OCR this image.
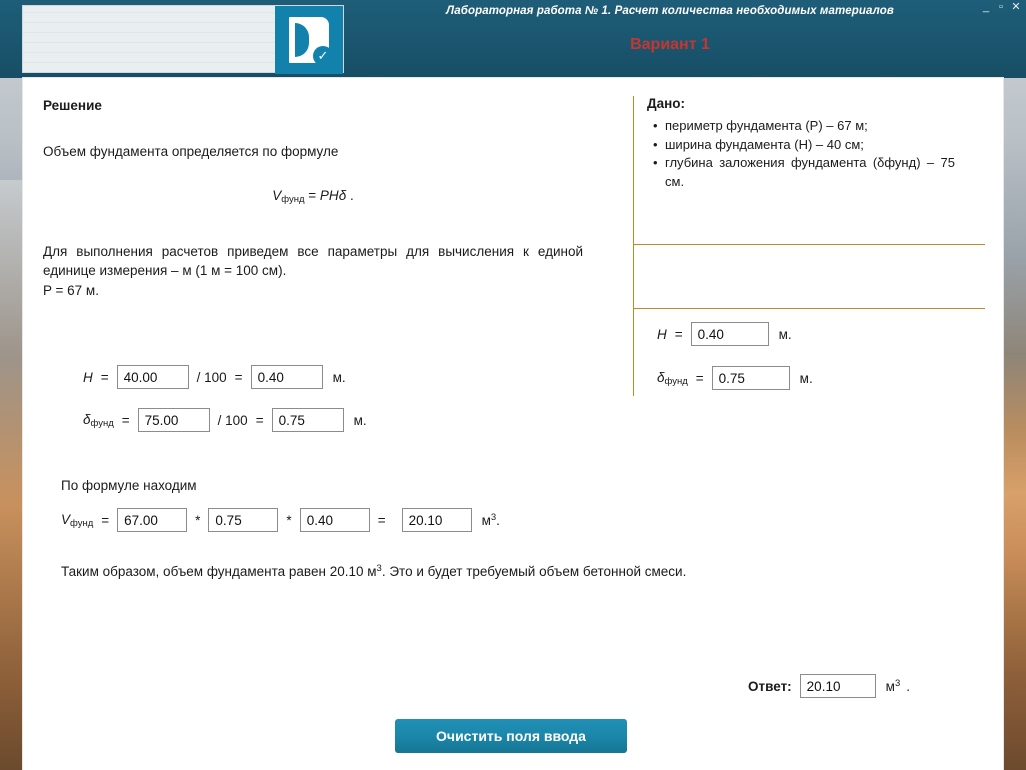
Лабораторная работа № 1. Расчет количества необходимых материалов
Вариант 1
_ ▫ ✕
✓
Решение
Объем фундамента определяется по формуле
$V_{фунд} = PH\delta$ .
Для выполнения расчетов приведем все параметры для вычисления к единой единице измерения – м (1 м = 100 см).
P = 67 м.
H =
40.00	/ 100 =
0.40	м.
$\delta_{фунд}$ =
75.00	/ 100 =
0.75	м.
По формуле находим
$V_{фунд}$ =
67.00	*
0.75	*
0.40	=
20.10	$м^3$.
Таким образом, объем фундамента равен 20.10 $м^3$. Это и будет требуемый объем бетонной смеси.
Дано:
• периметр фундамента (P) – 67 м;
• ширина фундамента (H) – 40 см;
• глубина заложения фундамента (δфунд) – 75 см.
H =
0.40	м.
$\delta_{фунд}$ =
0.75	м.
Ответ:
20.10	$м^3$ .
Очистить поля ввода
